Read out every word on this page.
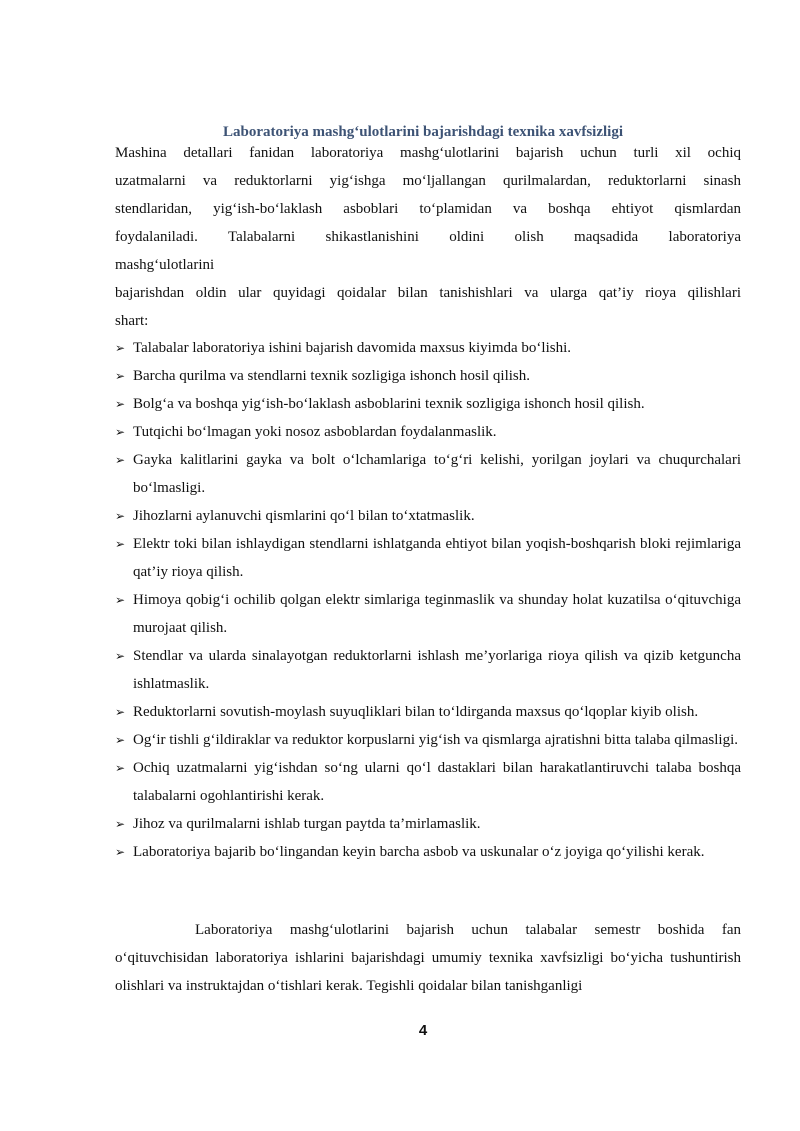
Laboratoriya mashg‘ulotlarini bajarishdagi texnika xavfsizligi
Mashina detallari fanidan laboratoriya mashg‘ulotlarini bajarish uchun turli xil ochiq
uzatmalarni va reduktorlarni yig‘ishga mo‘ljallangan qurilmalardan, reduktorlarni sinash
stendlaridan, yig‘ish-bo‘laklash asboblari to‘plamidan va boshqa ehtiyot qismlardan
foydalaniladi. Talabalarni shikastlanishini oldini olish maqsadida laboratoriya
mashg‘ulotlarini
bajarishdan oldin ular quyidagi qoidalar bilan tanishishlari va ularga qat’iy rioya qilishlari
shart:
➢ Talabalar laboratoriya ishini bajarish davomida maxsus kiyimda bo‘lishi.
➢ Barcha qurilma va stendlarni texnik sozligiga ishonch hosil qilish.
➢ Bolg‘a va boshqa yig‘ish-bo‘laklash asboblarini texnik sozligiga ishonch hosil qilish.
➢ Tutqichi bo‘lmagan yoki nosoz asboblardan foydalanmaslik.
➢ Gayka kalitlarini gayka va bolt o‘lchamlariga to‘g‘ri kelishi, yorilgan joylari va chuqurchalari bo‘lmasligi.
➢ Jihozlarni aylanuvchi qismlarini qo‘l bilan to‘xtatmaslik.
➢ Elektr toki bilan ishlaydigan stendlarni ishlatganda ehtiyot bilan yoqish-boshqarish bloki rejimlariga qat’iy rioya qilish.
➢ Himoya qobig‘i ochilib qolgan elektr simlariga teginmaslik va shunday holat kuzatilsa o‘qituvchiga murojaat qilish.
➢ Stendlar va ularda sinalayotgan reduktorlarni ishlash me’yorlariga rioya qilish va qizib ketguncha ishlatmaslik.
➢ Reduktorlarni sovutish-moylash suyuqliklari bilan to‘ldirganda maxsus qo‘lqoplar kiyib olish.
➢ Og‘ir tishli g‘ildiraklar va reduktor korpuslarni yig‘ish va qismlarga ajratishni bitta talaba qilmasligi.
➢ Ochiq uzatmalarni yig‘ishdan so‘ng ularni qo‘l dastaklari bilan harakatlantiruvchi talaba boshqa talabalarni ogohlantirishi kerak.
➢ Jihoz va qurilmalarni ishlab turgan paytda ta’mirlamaslik.
➢ Laboratoriya bajarib bo‘lingandan keyin barcha asbob va uskunalar o‘z joyiga qo‘yilishi kerak.
Laboratoriya mashg‘ulotlarini bajarish uchun talabalar semestr boshida fan o‘qituvchisidan laboratoriya ishlarini bajarishdagi umumiy texnika xavfsizligi bo‘yicha tushuntirish olishlari va instruktajdan o‘tishlari kerak. Tegishli qoidalar bilan tanishganligi
4
